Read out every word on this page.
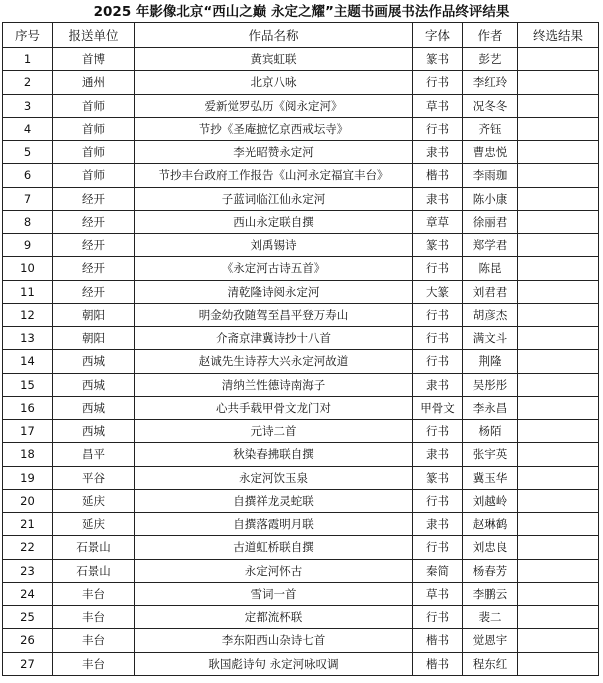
2025 年影像北京“西山之巅 永定之耀”主题书画展书法作品终评结果
序号	报送单位	作品名称	字体	作者	终选结果
1	首博	黄宾虹联	篆书	彭艺	
2	通州	北京八咏	行书	李红玲	
3	首师	爱新觉罗弘历《阅永定河》	草书	况冬冬	
4	首师	节抄《圣庵摭忆京西戒坛寺》	行书	齐钰	
5	首师	李光昭赞永定河	隶书	曹忠悦	
6	首师	节抄丰台政府工作报告《山河永定福宜丰台》	楷书	李雨珈	
7	经开	子蓝词临江仙永定河	隶书	陈小康	
8	经开	西山永定联自撰	章草	徐丽君	
9	经开	刘禹锡诗	篆书	郑学君	
10	经开	《永定河古诗五首》	行书	陈昆	
11	经开	清乾隆诗阅永定河	大篆	刘君君	
12	朝阳	明金幼孜随驾至昌平登万寿山	行书	胡彦杰	
13	朝阳	介斋京津冀诗抄十八首	行书	满文斗	
14	西城	赵诚先生诗荐大兴永定河故道	行书	荆隆	
15	西城	清纳兰性德诗南海子	隶书	吴彤彤	
16	西城	心共手载甲骨文龙门对	甲骨文	李永昌	
17	西城	元诗二首	行书	杨陌	
18	昌平	秋染春拂联自撰	隶书	张宇英	
19	平谷	永定河饮玉泉	篆书	冀玉华	
20	延庆	自撰祥龙灵蛇联	行书	刘越岭	
21	延庆	自撰落霞明月联	隶书	赵琳鹤	
22	石景山	古道虹桥联自撰	行书	刘忠良	
23	石景山	永定河怀古	秦简	杨春芳	
24	丰台	雪词一首	草书	李鹏云	
25	丰台	定都流杯联	行书	裴二	
26	丰台	李东阳西山杂诗七首	楷书	觉恩宇	
27	丰台	耿国彪诗句 永定河咏叹调	楷书	程东红	
